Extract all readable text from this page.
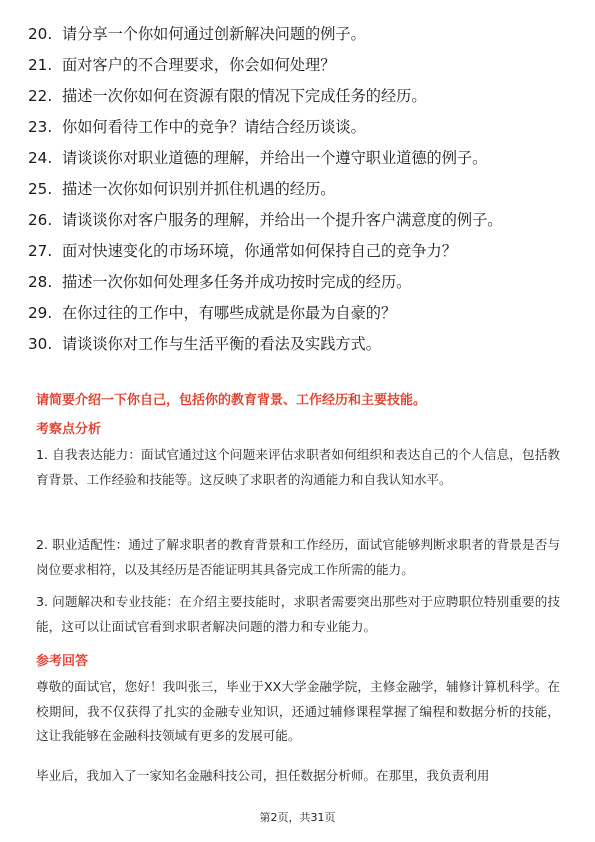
20. 请分享一个你如何通过创新解决问题的例子。
21. 面对客户的不合理要求，你会如何处理？
22. 描述一次你如何在资源有限的情况下完成任务的经历。
23. 你如何看待工作中的竞争？请结合经历谈谈。
24. 请谈谈你对职业道德的理解，并给出一个遵守职业道德的例子。
25. 描述一次你如何识别并抓住机遇的经历。
26. 请谈谈你对客户服务的理解，并给出一个提升客户满意度的例子。
27. 面对快速变化的市场环境，你通常如何保持自己的竞争力？
28. 描述一次你如何处理多任务并成功按时完成的经历。
29. 在你过往的工作中，有哪些成就是你最为自豪的？
30. 请谈谈你对工作与生活平衡的看法及实践方式。
请简要介绍一下你自己，包括你的教育背景、工作经历和主要技能。
考察点分析
1. 自我表达能力：面试官通过这个问题来评估求职者如何组织和表达自己的个人信息，包括教育背景、工作经验和技能等。这反映了求职者的沟通能力和自我认知水平。
2. 职业适配性：通过了解求职者的教育背景和工作经历，面试官能够判断求职者的背景是否与岗位要求相符，以及其经历是否能证明其具备完成工作所需的能力。
3. 问题解决和专业技能：在介绍主要技能时，求职者需要突出那些对于应聘职位特别重要的技能，这可以让面试官看到求职者解决问题的潜力和专业能力。
参考回答
尊敬的面试官，您好！我叫张三，毕业于XX大学金融学院，主修金融学，辅修计算机科学。在校期间，我不仅获得了扎实的金融专业知识，还通过辅修课程掌握了编程和数据分析的技能，这让我能够在金融科技领域有更多的发展可能。
毕业后，我加入了一家知名金融科技公司，担任数据分析师。在那里，我负责利用
第2页，共31页
